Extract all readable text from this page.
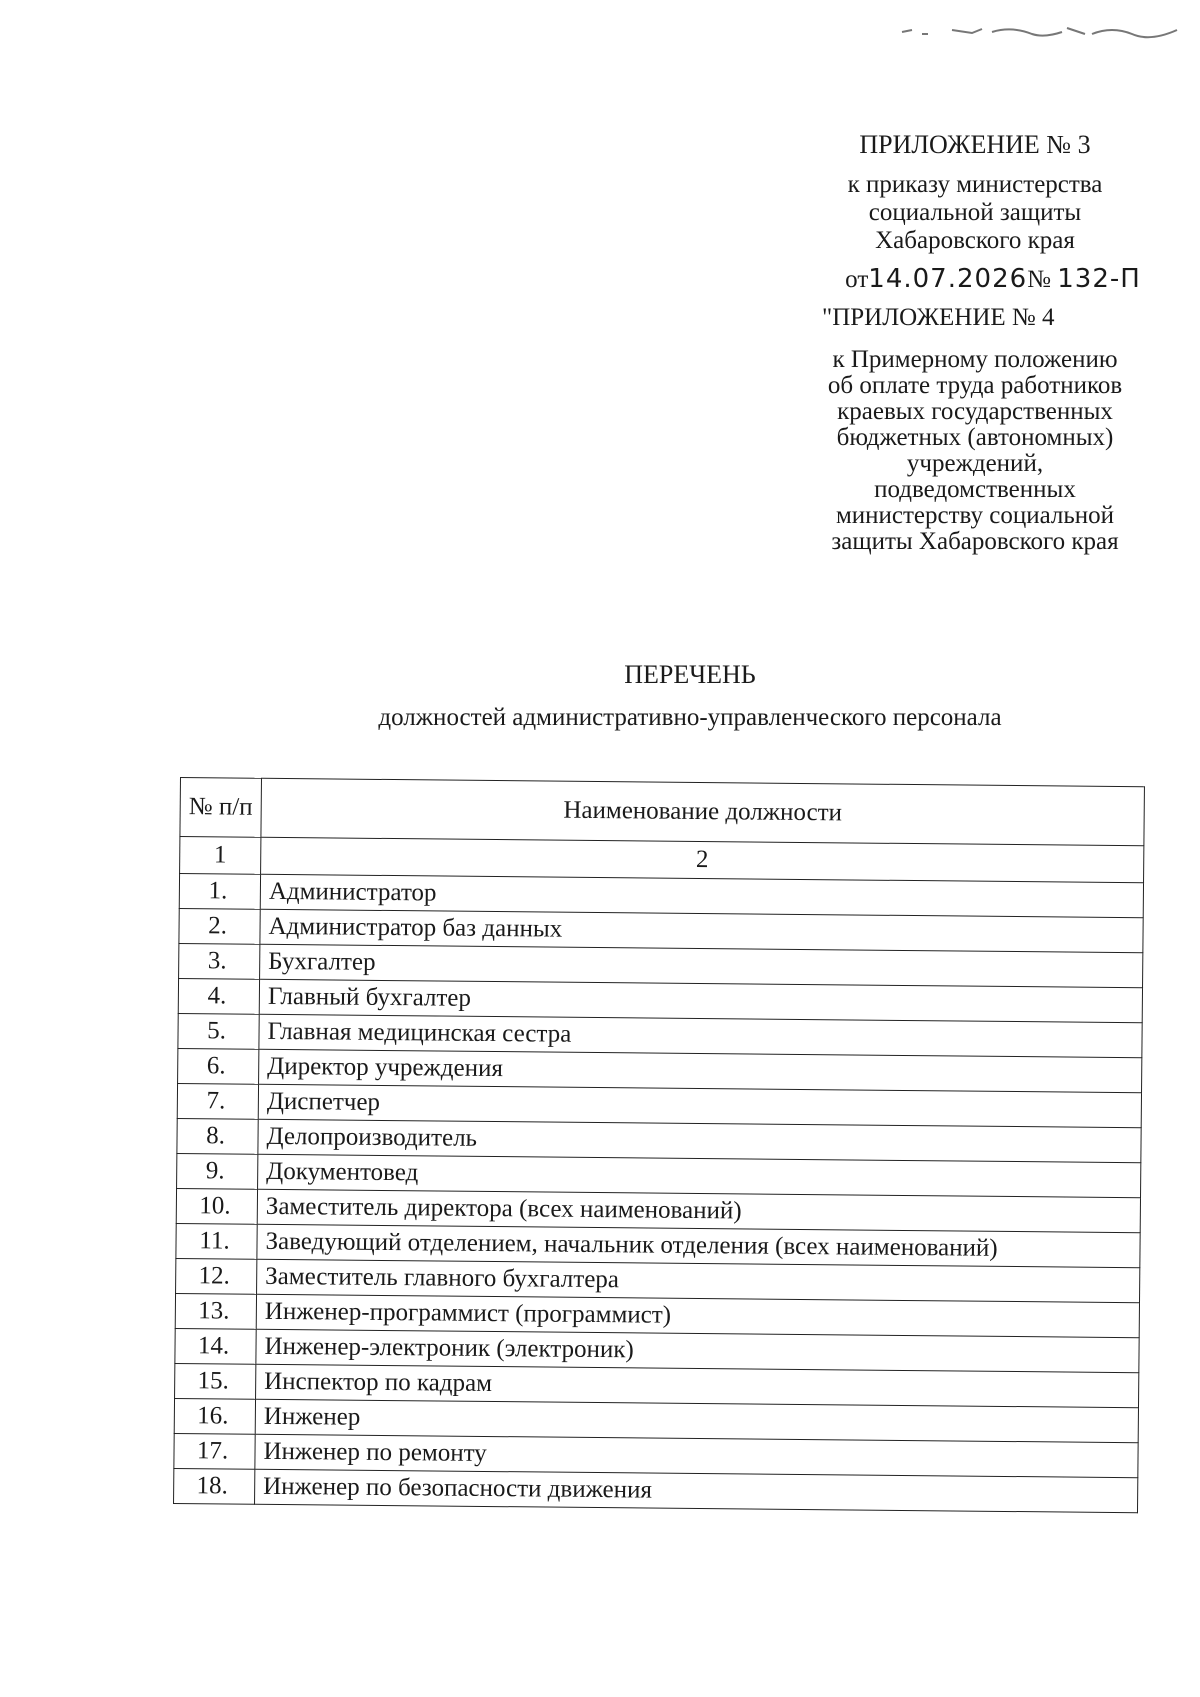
ПРИЛОЖЕНИЕ № 3
к приказу министерства
социальной защиты
Хабаровского края
от14.07.2026№ 132-П
"ПРИЛОЖЕНИЕ № 4
к Примерному положению
об оплате труда работников
краевых государственных
бюджетных (автономных)
учреждений,
подведомственных
министерству социальной
защиты Хабаровского края
ПЕРЕЧЕНЬ
должностей административно-управленческого персонала
№ п/п	Наименование должности
1	2
1.	Администратор
2.	Администратор баз данных
3.	Бухгалтер
4.	Главный бухгалтер
5.	Главная медицинская сестра
6.	Директор учреждения
7.	Диспетчер
8.	Делопроизводитель
9.	Документовед
10.	Заместитель директора (всех наименований)
11.	Заведующий отделением, начальник отделения (всех наименований)
12.	Заместитель главного бухгалтера
13.	Инженер-программист (программист)
14.	Инженер-электроник (электроник)
15.	Инспектор по кадрам
16.	Инженер
17.	Инженер по ремонту
18.	Инженер по безопасности движения
